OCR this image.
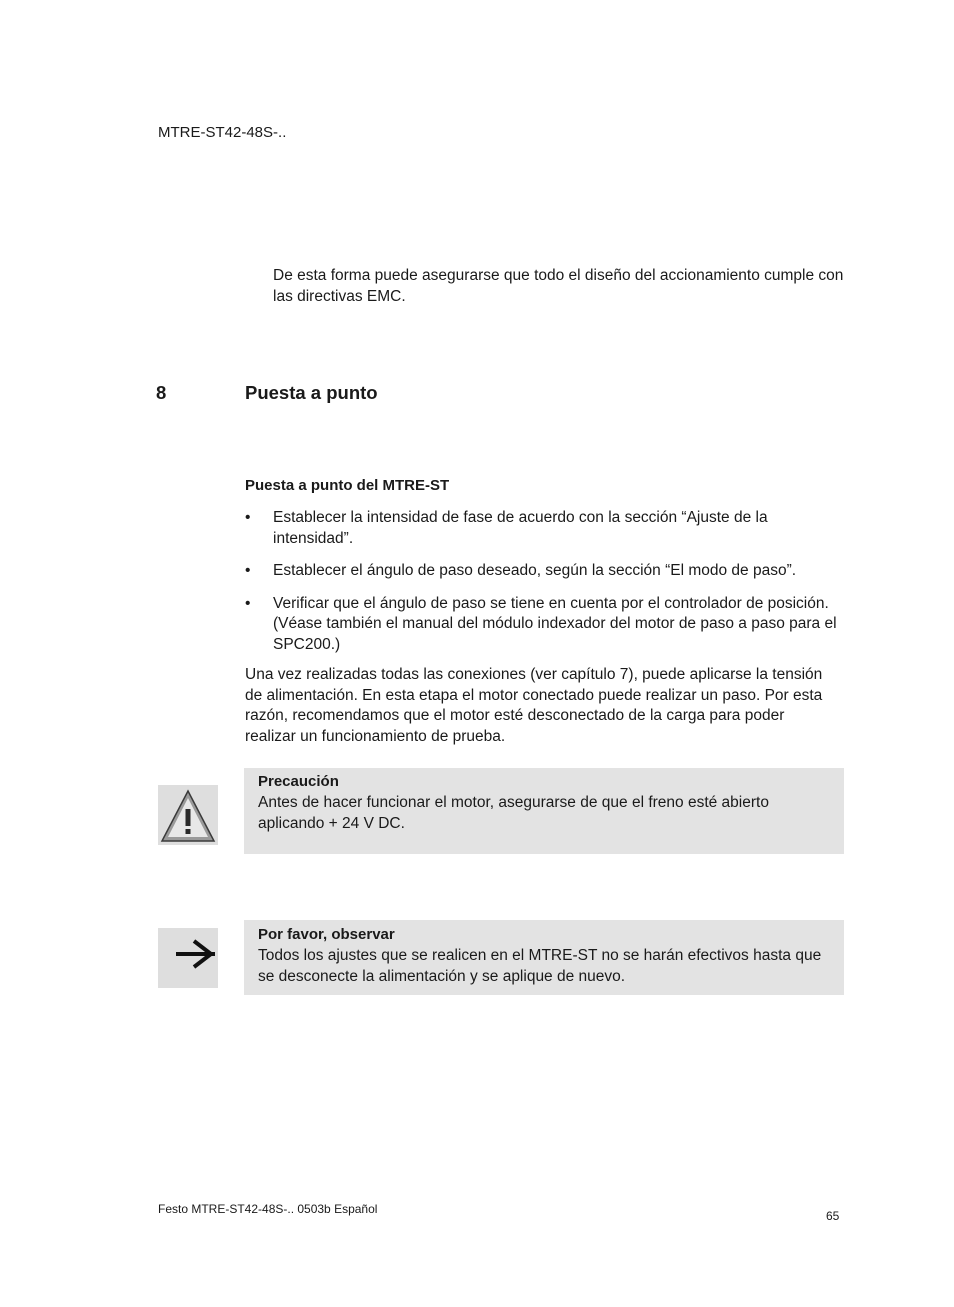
MTRE-ST42-48S-..
De esta forma puede asegurarse que todo el diseño del accionamiento cumple con las directivas EMC.
8	Puesta a punto
Puesta a punto del MTRE-ST
• Establecer la intensidad de fase de acuerdo con la sección “Ajuste de la intensidad”.
• Establecer el ángulo de paso deseado, según la sección “El modo de paso”.
• Verificar que el ángulo de paso se tiene en cuenta por el controlador de posición. (Véase también el manual del módulo indexador del motor de paso a paso para el SPC200.)
Una vez realizadas todas las conexiones (ver capítulo 7), puede aplicarse la tensión de alimentación. En esta etapa el motor conectado puede realizar un paso. Por esta razón, recomendamos que el motor esté desconectado de la carga para poder realizar un funcionamiento de prueba.
Precaución
Antes de hacer funcionar el motor, asegurarse de que el freno esté abierto aplicando + 24 V DC.
Por favor, observar
Todos los ajustes que se realicen en el MTRE-ST no se harán efectivos hasta que se desconecte la alimentación y se aplique de nuevo.
Festo MTRE-ST42-48S-.. 0503b Español	65
